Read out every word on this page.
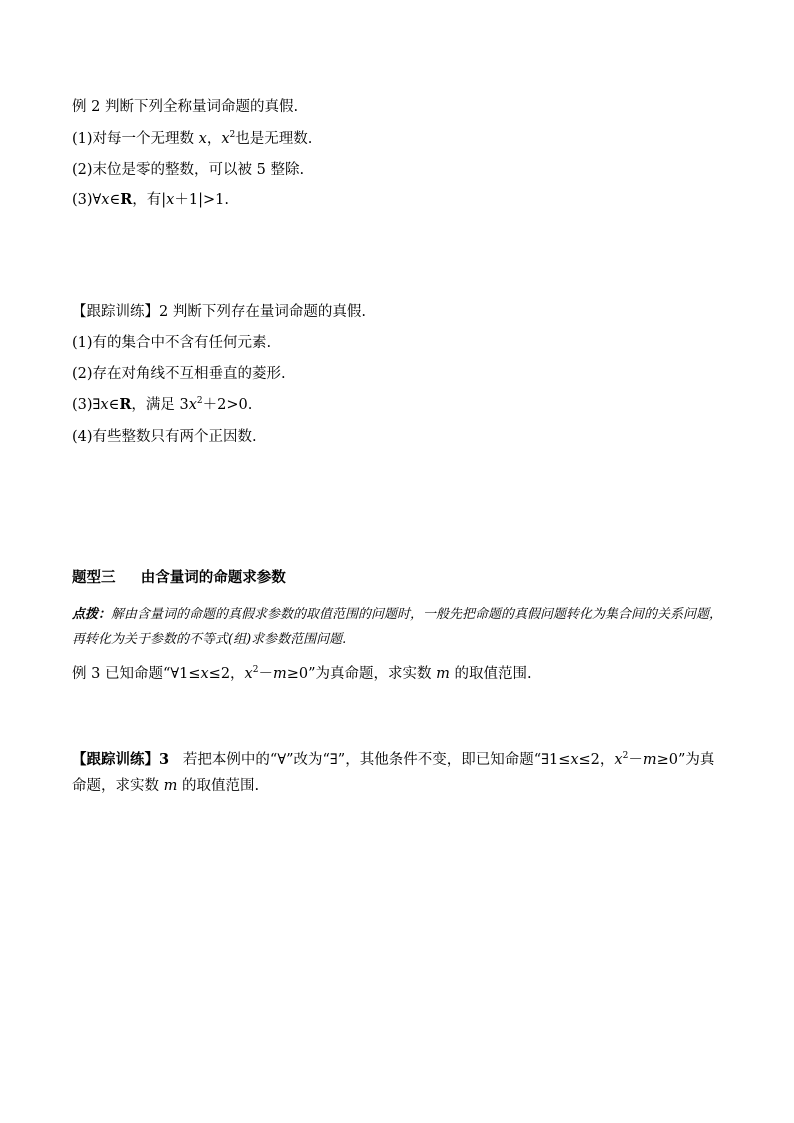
例 2 判断下列全称量词命题的真假.
(1)对每一个无理数 x，$x^2$也是无理数.
(2)末位是零的整数，可以被 5 整除.
(3)∀x∈R，有|x＋1|>1.
【跟踪训练】2 判断下列存在量词命题的真假.
(1)有的集合中不含有任何元素.
(2)存在对角线不互相垂直的菱形.
(3)∃x∈R，满足 $3x^2+2>0$.
(4)有些整数只有两个正因数.
题型三     由含量词的命题求参数
点拨：解由含量词的命题的真假求参数的取值范围的问题时，一般先把命题的真假问题转化为集合间的关系问题，再转化为关于参数的不等式(组)求参数范围问题.
例 3 已知命题“∀1≤x≤2，$x^2-m\ge 0$”为真命题，求实数 m 的取值范围.
【跟踪训练】3   若把本例中的“∀”改为“∃”，其他条件不变，即已知命题“∃1≤x≤2，$x^2-m\ge 0$”为真命题，求实数 m 的取值范围.
